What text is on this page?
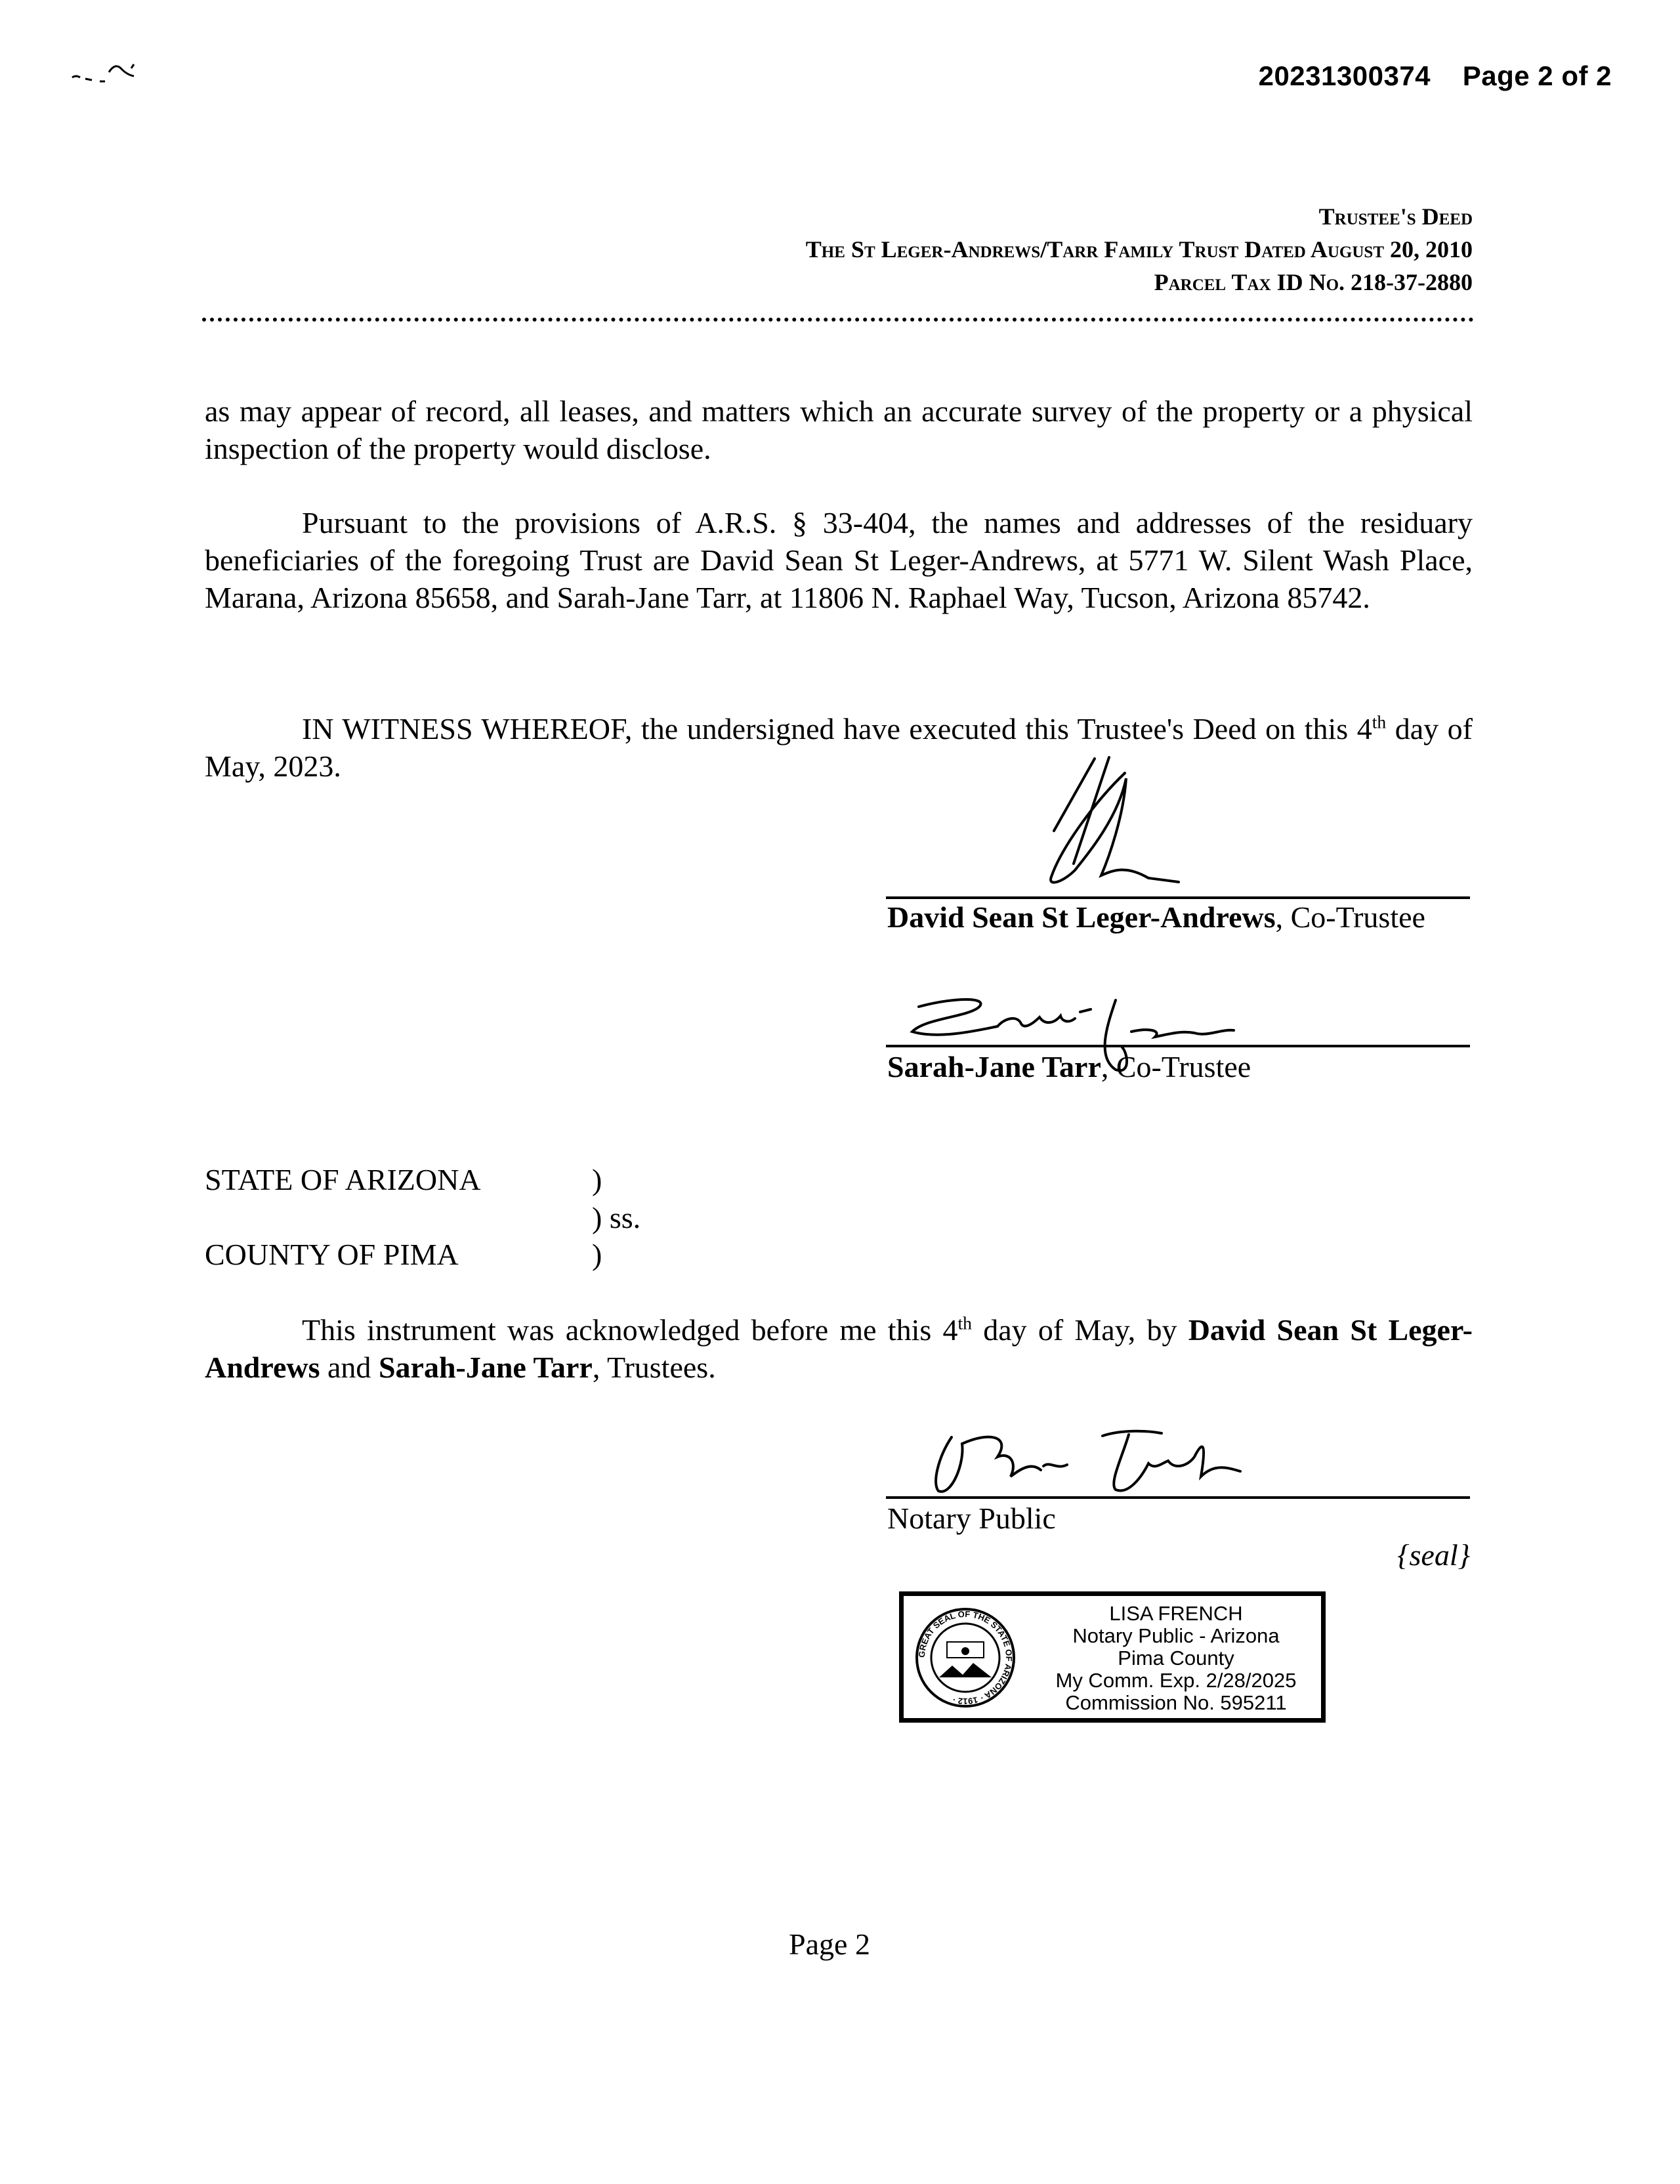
20231300374 Page 2 of 2

Trustee's Deed
The St Leger-Andrews/Tarr Family Trust Dated August 20, 2010
Parcel Tax ID No. 218-37-2880

as may appear of record, all leases, and matters which an accurate survey of the property or a physical inspection of the property would disclose.

Pursuant to the provisions of A.R.S. § 33-404, the names and addresses of the residuary beneficiaries of the foregoing Trust are David Sean St Leger-Andrews, at 5771 W. Silent Wash Place, Marana, Arizona 85658, and Sarah-Jane Tarr, at 11806 N. Raphael Way, Tucson, Arizona 85742.

IN WITNESS WHEREOF, the undersigned have executed this Trustee's Deed on this 4th day of May, 2023.

David Sean St Leger-Andrews, Co-Trustee
Sarah-Jane Tarr, Co-Trustee
STATE OF ARIZONA	)
) ss.
COUNTY OF PIMA	)

This instrument was acknowledged before me this 4th day of May, by David Sean St Leger-Andrews and Sarah-Jane Tarr, Trustees.

Notary Public
{seal}
GREAT SEAL OF THE STATE OF ARIZONA · 1912 ·
LISA FRENCH
Notary Public - Arizona
Pima County
My Comm. Exp. 2/28/2025
Commission No. 595211
Page 2
